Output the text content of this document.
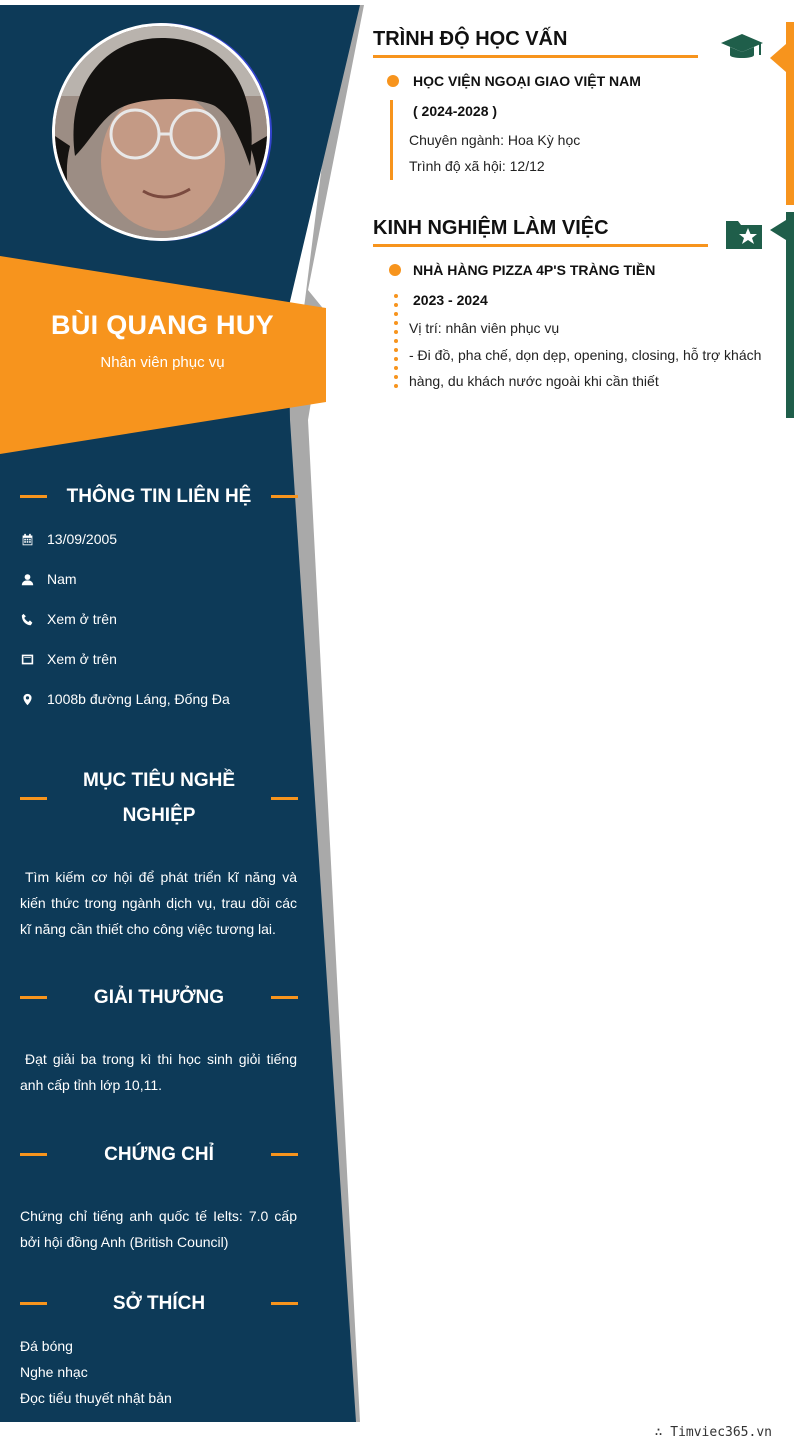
BÙI QUANG HUY
Nhân viên phục vụ
THÔNG TIN LIÊN HỆ
13/09/2005
Nam
Xem ở trên
Xem ở trên
1008b đường Láng, Đống Đa
MỤC TIÊU NGHỀ
NGHIỆP
Tìm kiếm cơ hội để phát triển kĩ năng và kiến thức trong ngành dịch vụ, trau dồi các kĩ năng cần thiết cho công việc tương lai.
GIẢI THƯỞNG
Đạt giải ba trong kì thi học sinh giỏi tiếng anh cấp tỉnh lớp 10,11.
CHỨNG CHỈ
Chứng chỉ tiếng anh quốc tế Ielts: 7.0 cấp bởi hội đồng Anh (British Council)
SỞ THÍCH
Đá bóng
Nghe nhạc
Đọc tiểu thuyết nhật bản
TRÌNH ĐỘ HỌC VẤN
HỌC VIỆN NGOẠI GIAO VIỆT NAM
( 2024-2028 )
Chuyên ngành: Hoa Kỳ học
Trình độ xã hội: 12/12
KINH NGHIỆM LÀM VIỆC
NHÀ HÀNG PIZZA 4P'S TRÀNG TIỀN
2023 - 2024
Vị trí: nhân viên phục vụ
- Đi đồ, pha chế, dọn dẹp, opening, closing, hỗ trợ khách hàng, du khách nước ngoài khi cần thiết
∴ Timviec365.vn
